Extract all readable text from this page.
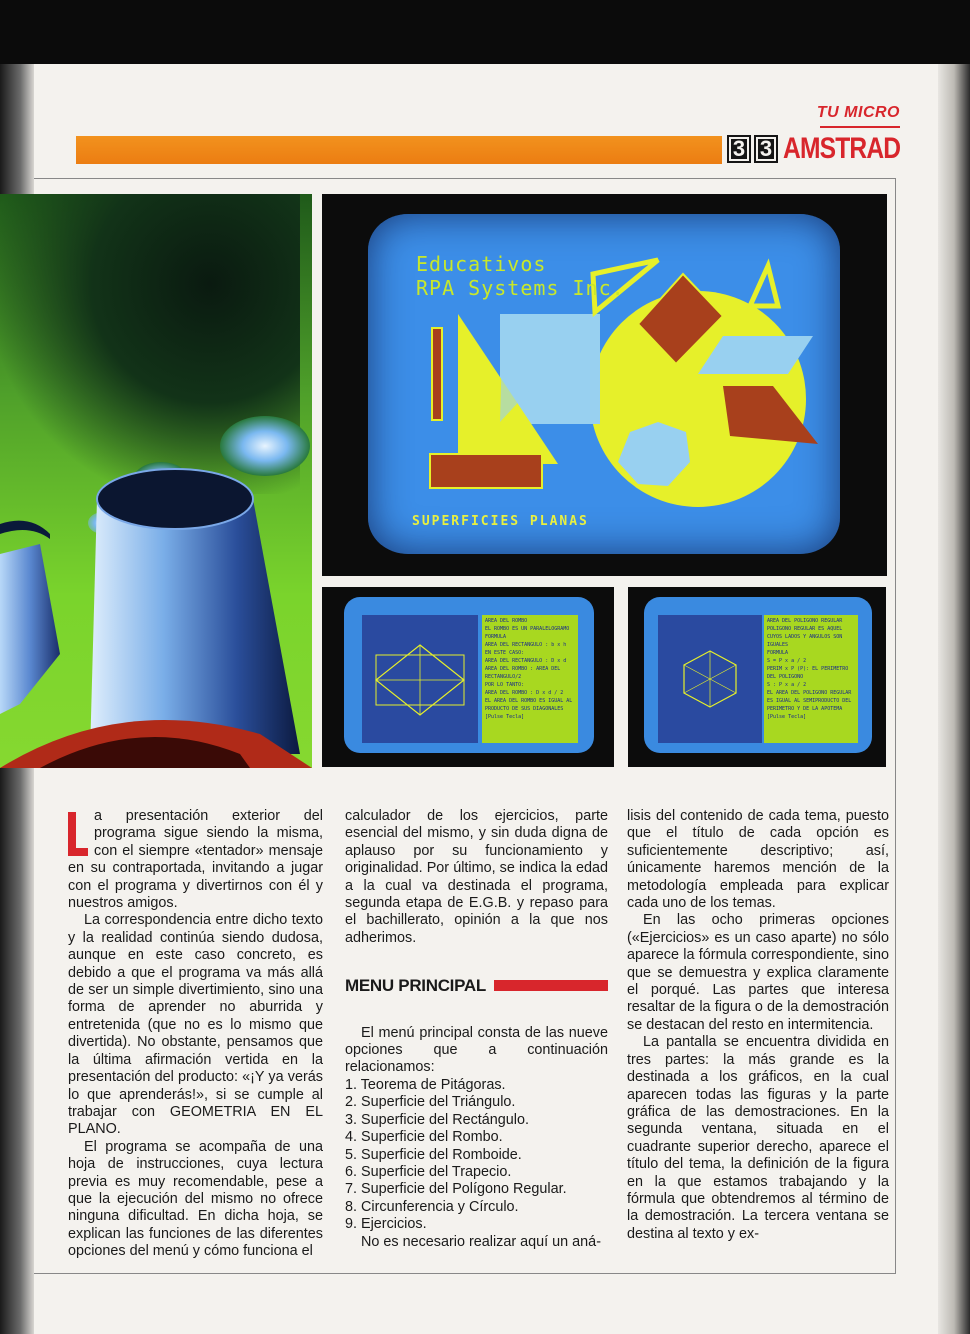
TU MICRO
3 3 AMSTRAD
Educativos
RPA Systems Inc.
SUPERFICIES PLANAS
AREA DEL ROMBO
EL ROMBO ES UN PARALELOGRAMO
FORMULA
AREA DEL RECTANGULO : b x h
EN ESTE CASO:
AREA DEL RECTANGULO : D x d
AREA DEL ROMBO : AREA DEL RECTANGULO/2
POR LO TANTO:
AREA DEL ROMBO : D x d / 2
EL AREA DEL ROMBO ES IGUAL AL PRODUCTO DE SUS DIAGONALES
[Pulse Tecla]
AREA DEL POLIGONO REGULAR
POLIGONO REGULAR ES AQUEL CUYOS LADOS Y ANGULOS SON IGUALES
FORMULA
S = P x a / 2
PERIM x P (P): EL PERIMETRO DEL POLIGONO
S : P x a / 2
EL AREA DEL POLIGONO REGULAR ES IGUAL AL SEMIPRODUCTO DEL PERIMETRO Y DE LA APOTEMA
[Pulse Tecla]

a presentación exterior del programa sigue siendo la misma, con el siempre «tentador» mensaje en su contraportada, invitando a jugar con el programa y divertirnos con él y nuestros amigos.

La correspondencia entre dicho texto y la realidad continúa siendo dudosa, aunque en este caso concreto, es debido a que el programa va más allá de ser un simple divertimiento, sino una forma de aprender no aburrida y entretenida (que no es lo mismo que divertida). No obstante, pensamos que la última afirmación vertida en la presentación del producto: «¡Y ya verás lo que aprenderás!», si se cumple al trabajar con GEOMETRIA EN EL PLANO.

El programa se acompaña de una hoja de instrucciones, cuya lectura previa es muy recomendable, pese a que la ejecución del mismo no ofrece ninguna dificultad. En dicha hoja, se explican las funciones de las diferentes opciones del menú y cómo funciona el

calculador de los ejercicios, parte esencial del mismo, y sin duda digna de aplauso por su funcionamiento y originalidad. Por último, se indica la edad a la cual va destinada el programa, segunda etapa de E.G.B. y repaso para el bachillerato, opinión a la que nos adherimos.

MENU PRINCIPAL

El menú principal consta de las nueve opciones que a continuación relacionamos:

1. Teorema de Pitágoras.
2. Superficie del Triángulo.
3. Superficie del Rectángulo.
4. Superficie del Rombo.
5. Superficie del Romboide.
6. Superficie del Trapecio.
7. Superficie del Polígono Regular.
8. Circunferencia y Círculo.
9. Ejercicios.

No es necesario realizar aquí un aná-

lisis del contenido de cada tema, puesto que el título de cada opción es suficientemente descriptivo; así, únicamente haremos mención de la metodología empleada para explicar cada uno de los temas.

En las ocho primeras opciones («Ejercicios» es un caso aparte) no sólo aparece la fórmula correspondiente, sino que se demuestra y explica claramente el porqué. Las partes que interesa resaltar de la figura o de la demostración se destacan del resto en intermitencia.

La pantalla se encuentra dividida en tres partes: la más grande es la destinada a los gráficos, en la cual aparecen todas las figuras y la parte gráfica de las demostraciones. En la segunda ventana, situada en el cuadrante superior derecho, aparece el título del tema, la definición de la figura en la que estamos trabajando y la fórmula que obtendremos al término de la demostración. La tercera ventana se destina al texto y ex-
